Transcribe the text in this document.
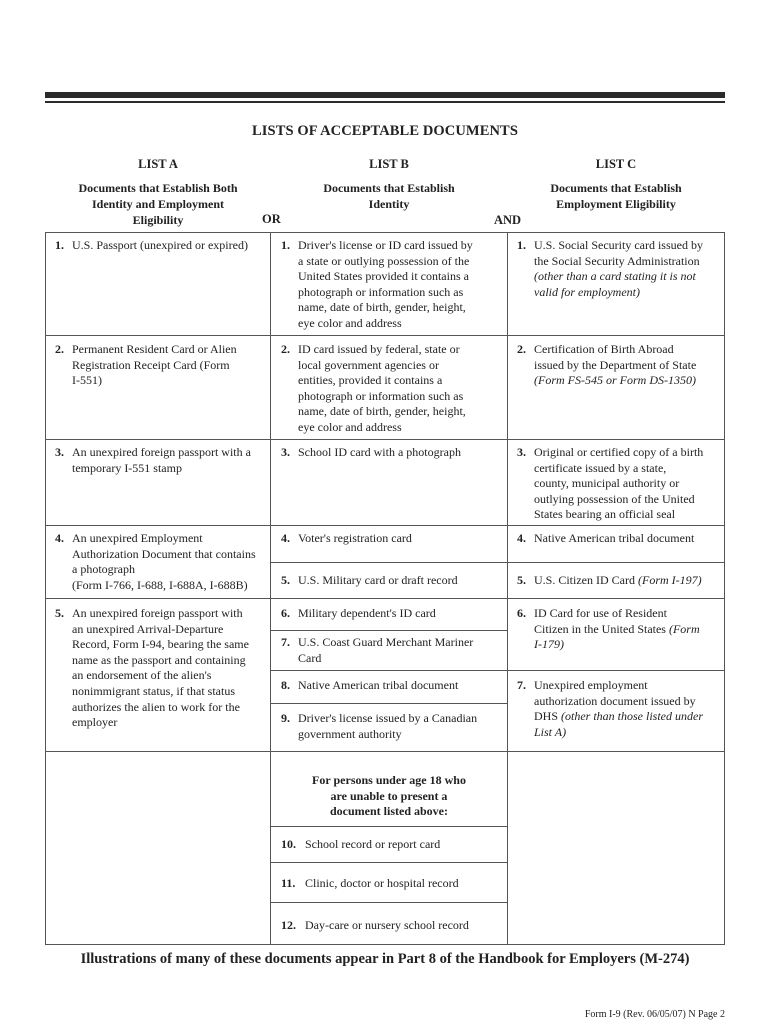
LISTS OF ACCEPTABLE DOCUMENTS
LIST A
Documents that Establish Both
Identity and Employment
Eligibility	OR
LIST B
Documents that Establish
Identity
AND
LIST C
Documents that Establish
Employment Eligibility
1. U.S. Passport (unexpired or expired)
2. Permanent Resident Card or Alien
Registration Receipt Card (Form
I-551)
3. An unexpired foreign passport with a
temporary I-551 stamp
4. An unexpired Employment
Authorization Document that contains
a photograph
(Form I-766, I-688, I-688A, I-688B)
5. An unexpired foreign passport with
an unexpired Arrival-Departure
Record, Form I-94, bearing the same
name as the passport and containing
an endorsement of the alien's
nonimmigrant status, if that status
authorizes the alien to work for the
employer
1. Driver's license or ID card issued by
a state or outlying possession of the
United States provided it contains a
photograph or information such as
name, date of birth, gender, height,
eye color and address
2. ID card issued by federal, state or
local government agencies or
entities, provided it contains a
photograph or information such as
name, date of birth, gender, height,
eye color and address
3. School ID card with a photograph
4. Voter's registration card
5. U.S. Military card or draft record
6. Military dependent's ID card
7. U.S. Coast Guard Merchant Mariner
Card
8. Native American tribal document
9. Driver's license issued by a Canadian
government authority
For persons under age 18 who
are unable to present a
document listed above:
10. School record or report card
11. Clinic, doctor or hospital record
12. Day-care or nursery school record
1. U.S. Social Security card issued by
the Social Security Administration
(other than a card stating it is not
valid for employment)
2. Certification of Birth Abroad
issued by the Department of State
(Form FS-545 or Form DS-1350)
3. Original or certified copy of a birth
certificate issued by a state,
county, municipal authority or
outlying possession of the United
States bearing an official seal
4. Native American tribal document
5. U.S. Citizen ID Card (Form I-197)
6. ID Card for use of Resident
Citizen in the United States (Form
I-179)
7. Unexpired employment
authorization document issued by
DHS (other than those listed under
List A)
Illustrations of many of these documents appear in Part 8 of the Handbook for Employers (M-274)
Form I-9 (Rev. 06/05/07) N Page 2
